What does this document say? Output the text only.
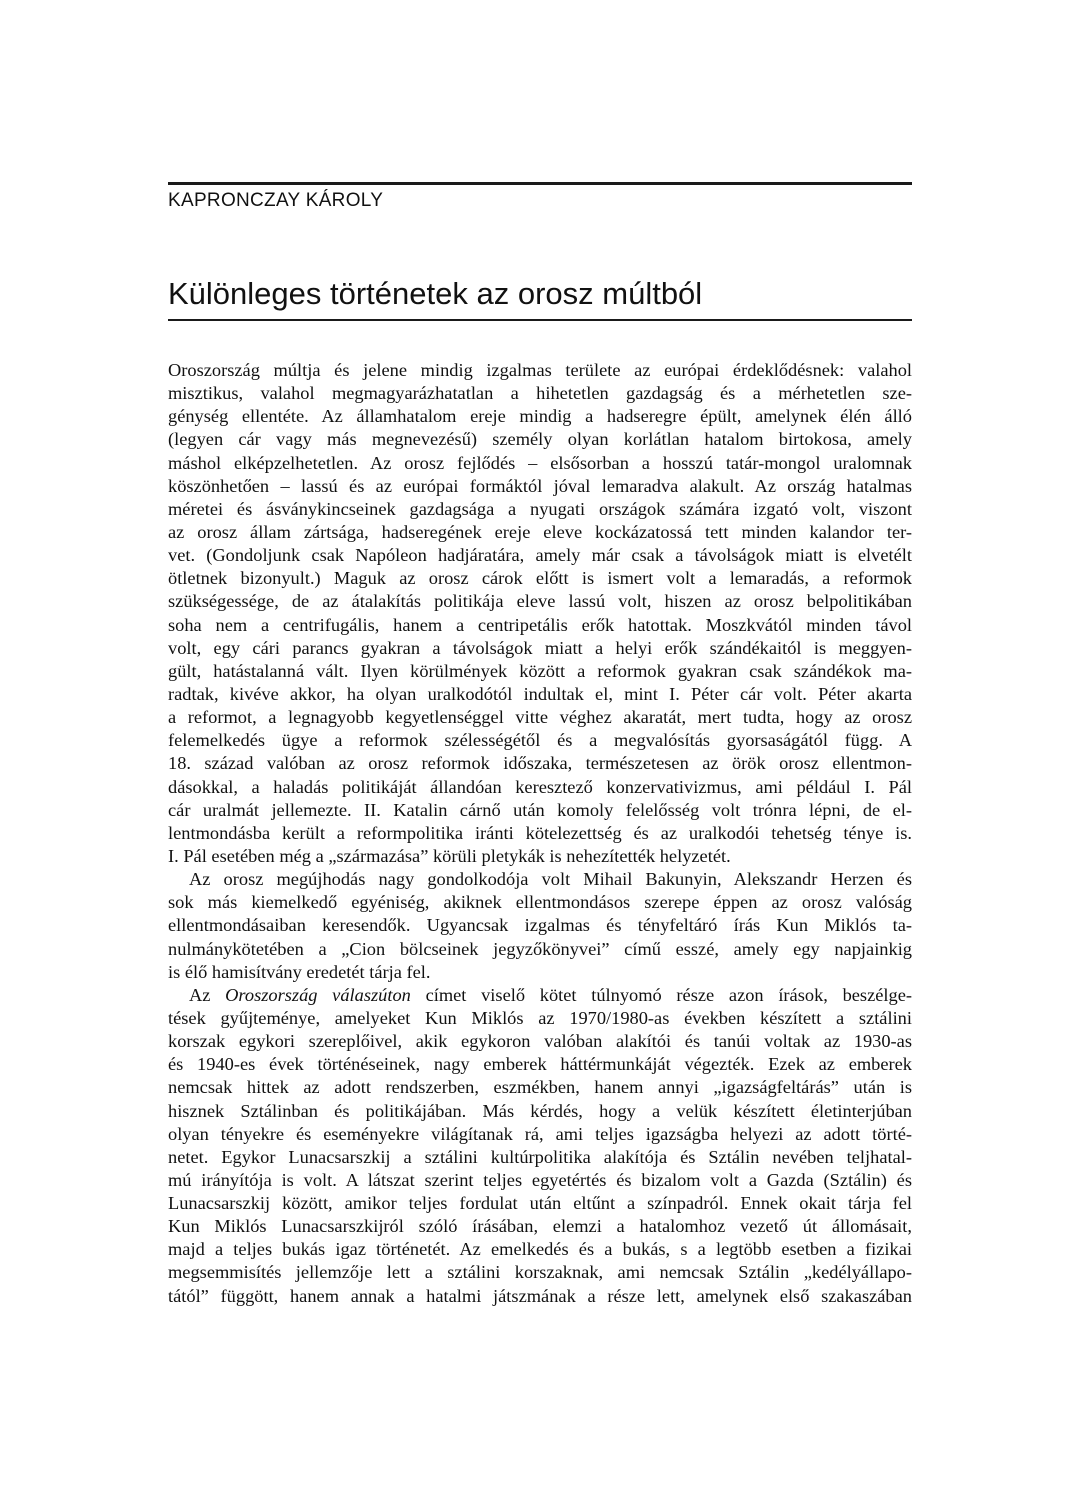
KAPRONCZAY KÁROLY
Különleges történetek az orosz múltból
Oroszország múltja és jelene mindig izgalmas területe az európai érdeklődésnek: valahol
misztikus, valahol megmagyarázhatatlan a hihetetlen gazdagság és a mérhetetlen sze-
génység ellentéte. Az államhatalom ereje mindig a hadseregre épült, amelynek élén álló
(legyen cár vagy más megnevezésű) személy olyan korlátlan hatalom birtokosa, amely
máshol elképzelhetetlen. Az orosz fejlődés – elsősorban a hosszú tatár-mongol uralomnak
köszönhetően – lassú és az európai formáktól jóval lemaradva alakult. Az ország hatalmas
méretei és ásványkincseinek gazdagsága a nyugati országok számára izgató volt, viszont
az orosz állam zártsága, hadseregének ereje eleve kockázatossá tett minden kalandor ter-
vet. (Gondoljunk csak Napóleon hadjáratára, amely már csak a távolságok miatt is elvetélt
ötletnek bizonyult.) Maguk az orosz cárok előtt is ismert volt a lemaradás, a reformok
szükségessége, de az átalakítás politikája eleve lassú volt, hiszen az orosz belpolitikában
soha nem a centrifugális, hanem a centripetális erők hatottak. Moszkvától minden távol
volt, egy cári parancs gyakran a távolságok miatt a helyi erők szándékaitól is meggyen-
gült, hatástalanná vált. Ilyen körülmények között a reformok gyakran csak szándékok ma-
radtak, kivéve akkor, ha olyan uralkodótól indultak el, mint I. Péter cár volt. Péter akarta
a reformot, a legnagyobb kegyetlenséggel vitte véghez akaratát, mert tudta, hogy az orosz
felemelkedés ügye a reformok szélességétől és a megvalósítás gyorsaságától függ. A
18. század valóban az orosz reformok időszaka, természetesen az örök orosz ellentmon-
dásokkal, a haladás politikáját állandóan keresztező konzervativizmus, ami például I. Pál
cár uralmát jellemezte. II. Katalin cárnő után komoly felelősség volt trónra lépni, de el-
lentmondásba került a reformpolitika iránti kötelezettség és az uralkodói tehetség ténye is.
I. Pál esetében még a „származása” körüli pletykák is nehezítették helyzetét.
Az orosz megújhodás nagy gondolkodója volt Mihail Bakunyin, Alekszandr Herzen és
sok más kiemelkedő egyéniség, akiknek ellentmondásos szerepe éppen az orosz valóság
ellentmondásaiban keresendők. Ugyancsak izgalmas és tényfeltáró írás Kun Miklós ta-
nulmánykötetében a „Cion bölcseinek jegyzőkönyvei” című esszé, amely egy napjainkig
is élő hamisítvány eredetét tárja fel.
Az Oroszország válaszúton címet viselő kötet túlnyomó része azon írások, beszélge-
tések gyűjteménye, amelyeket Kun Miklós az 1970/1980-as években készített a sztálini
korszak egykori szereplőivel, akik egykoron valóban alakítói és tanúi voltak az 1930-as
és 1940-es évek történéseinek, nagy emberek háttérmunkáját végezték. Ezek az emberek
nemcsak hittek az adott rendszerben, eszmékben, hanem annyi „igazságfeltárás” után is
hisznek Sztálinban és politikájában. Más kérdés, hogy a velük készített életinterjúban
olyan tényekre és eseményekre világítanak rá, ami teljes igazságba helyezi az adott törté-
netet. Egykor Lunacsarszkij a sztálini kultúrpolitika alakítója és Sztálin nevében teljhatal-
mú irányítója is volt. A látszat szerint teljes egyetértés és bizalom volt a Gazda (Sztálin) és
Lunacsarszkij között, amikor teljes fordulat után eltűnt a színpadról. Ennek okait tárja fel
Kun Miklós Lunacsarszkijról szóló írásában, elemzi a hatalomhoz vezető út állomásait,
majd a teljes bukás igaz történetét. Az emelkedés és a bukás, s a legtöbb esetben a fizikai
megsemmisítés jellemzője lett a sztálini korszaknak, ami nemcsak Sztálin „kedélyállapo-
tától” függött, hanem annak a hatalmi játszmának a része lett, amelynek első szakaszában
